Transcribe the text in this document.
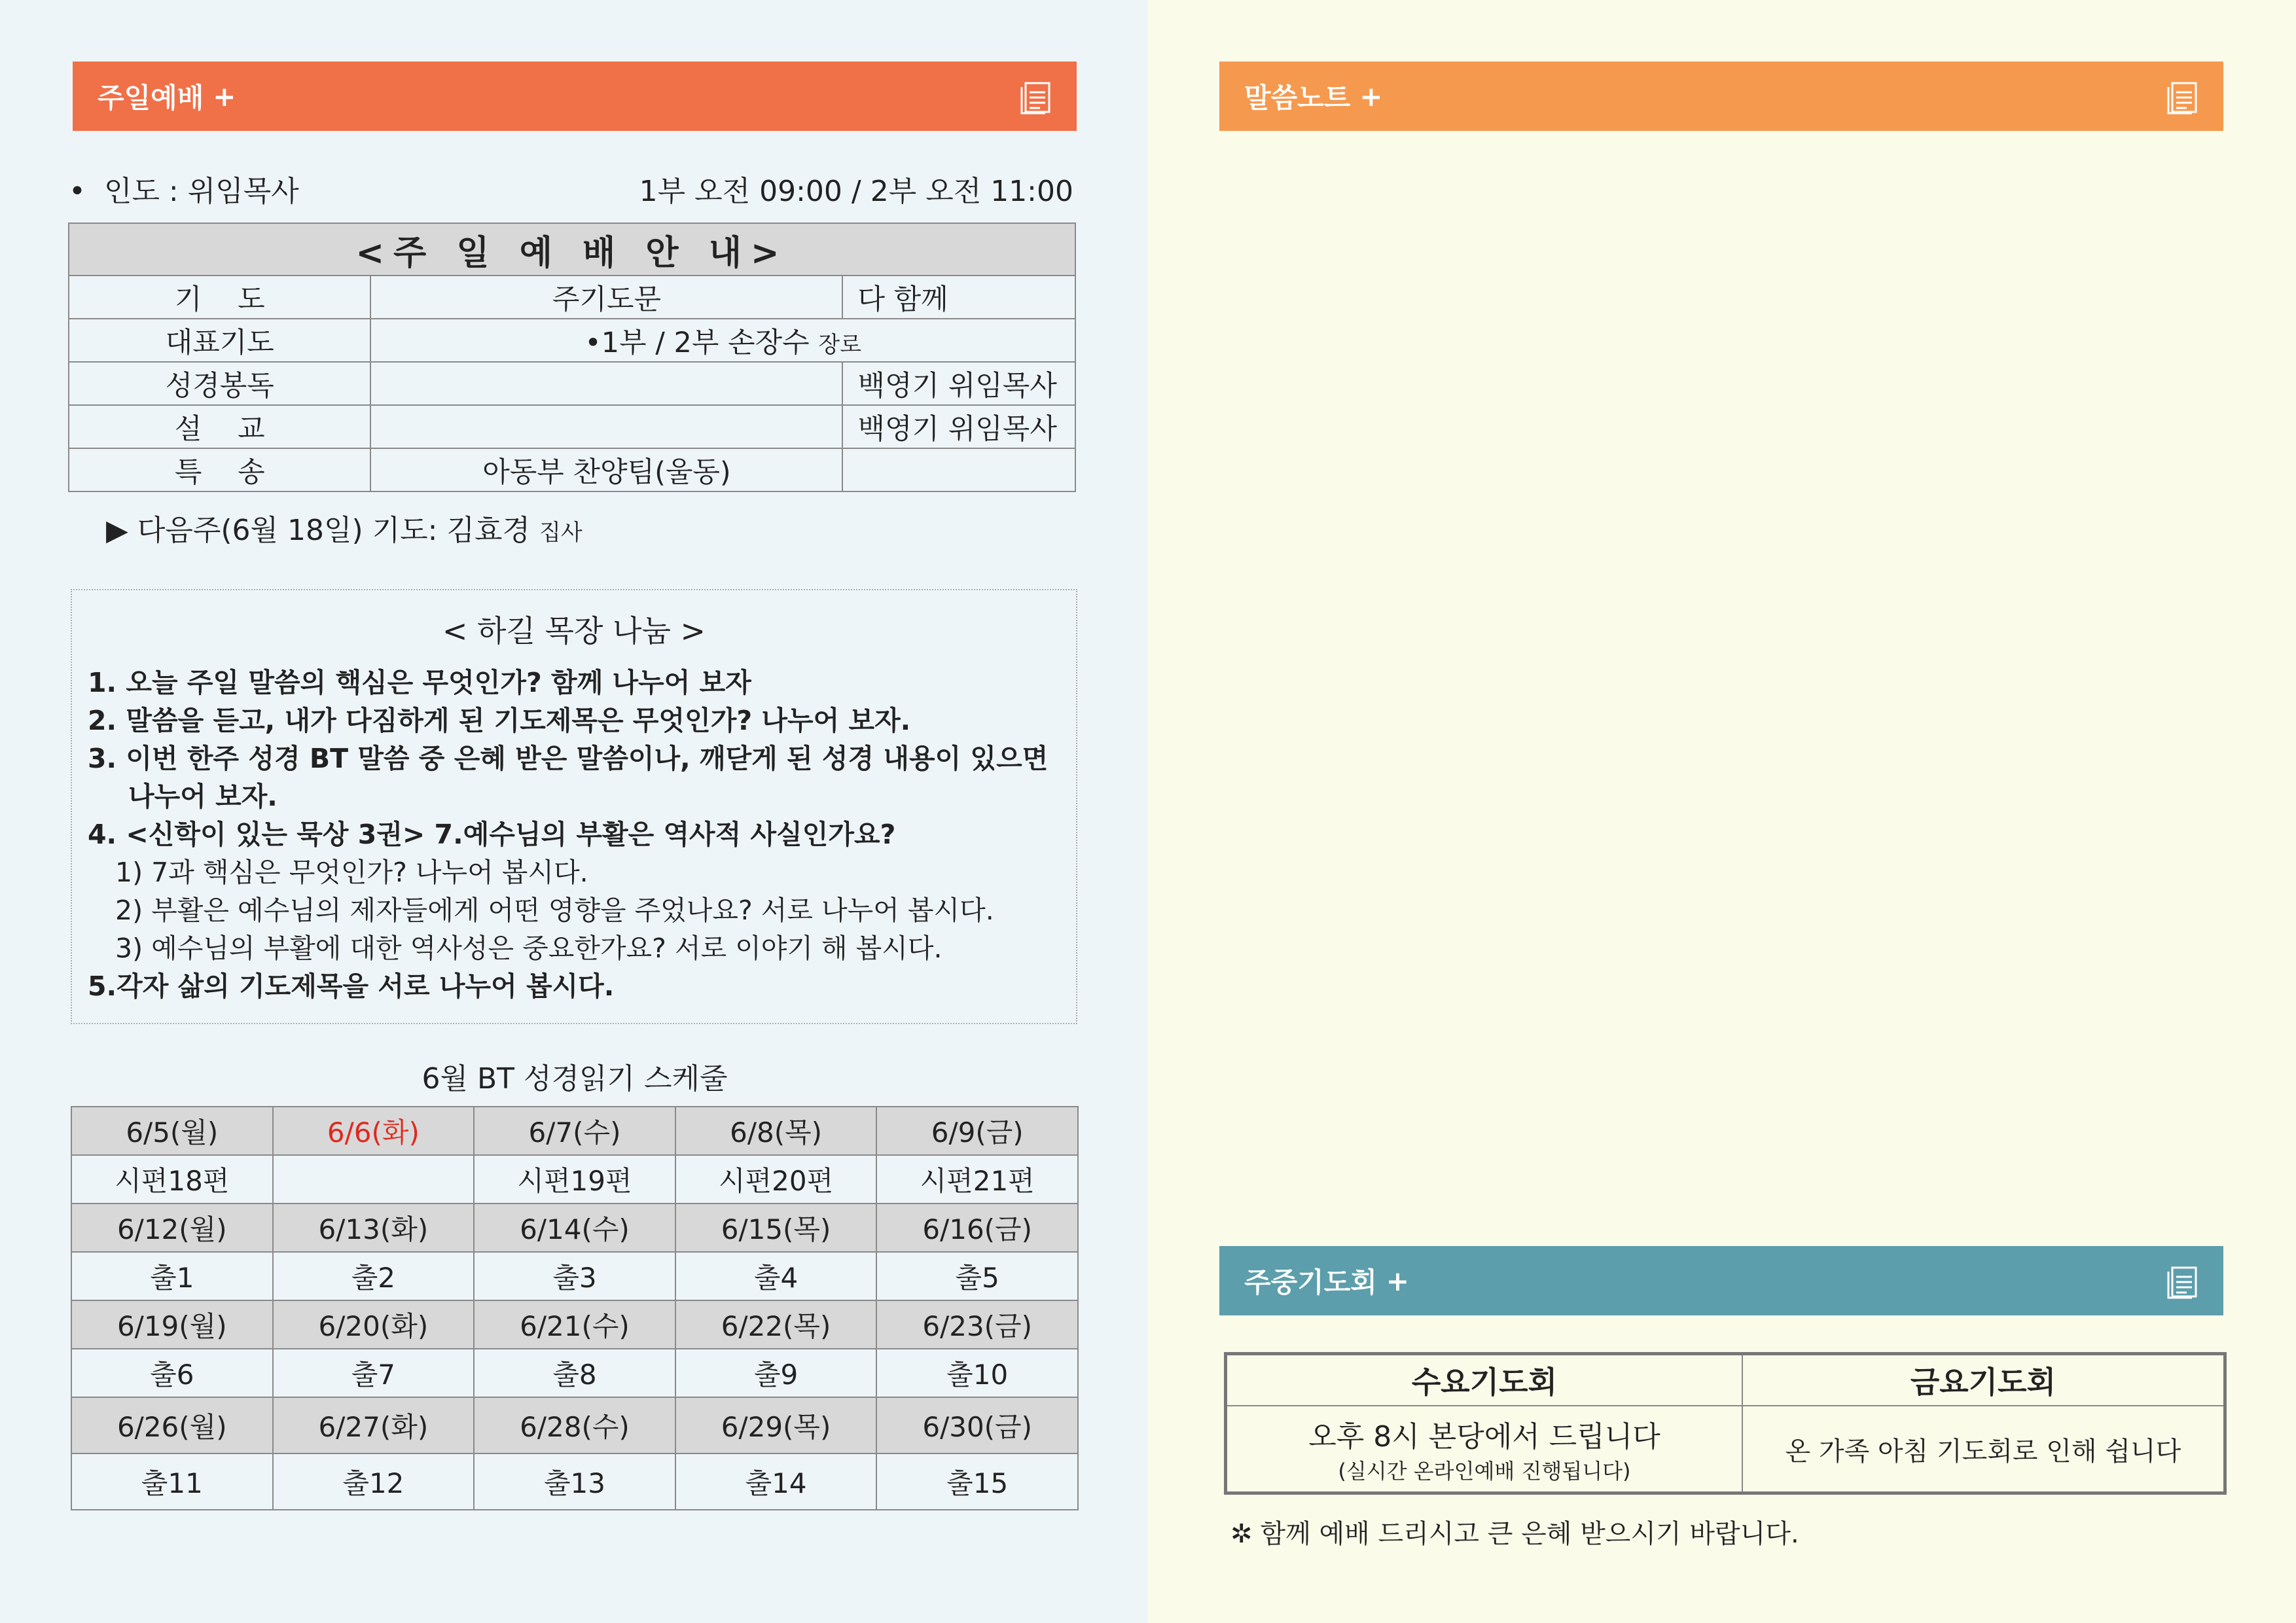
주일예배 +
• 인도 : 위임목사	1부 오전 09:00 / 2부 오전 11:00
<주 일 예 배 안 내>		
기    도	주기도문	다 함께
대표기도	•1부 / 2부 손장수 장로	
성경봉독		백영기 위임목사
설    교		백영기 위임목사
특    송	아동부 찬양팀(울동)	
▶ 다음주(6월 18일) 기도: 김효경 집사
< 하길 목장 나눔 >
1. 오늘 주일 말씀의 핵심은 무엇인가? 함께 나누어 보자
2. 말씀을 듣고, 내가 다짐하게 된 기도제목은 무엇인가? 나누어 보자.
3. 이번 한주 성경 BT 말씀 중 은혜 받은 말씀이나, 깨닫게 된 성경 내용이 있으면
나누어 보자.
4. <신학이 있는 묵상 3권> 7.예수님의 부활은 역사적 사실인가요?
1) 7과 핵심은 무엇인가? 나누어 봅시다.
2) 부활은 예수님의 제자들에게 어떤 영향을 주었나요? 서로 나누어 봅시다.
3) 예수님의 부활에 대한 역사성은 중요한가요? 서로 이야기 해 봅시다.
5.각자 삶의 기도제목을 서로 나누어 봅시다.
6월 BT 성경읽기 스케줄
6/5(월)	6/6(화)	6/7(수)	6/8(목)	6/9(금)
시편18편		시편19편	시편20편	시편21편
6/12(월)	6/13(화)	6/14(수)	6/15(목)	6/16(금)
출1	출2	출3	출4	출5
6/19(월)	6/20(화)	6/21(수)	6/22(목)	6/23(금)
출6	출7	출8	출9	출10
6/26(월)	6/27(화)	6/28(수)	6/29(목)	6/30(금)
출11	출12	출13	출14	출15
말씀노트 +
주중기도회 +
수요기도회	금요기도회
오후 8시 본당에서 드립니다
(실시간 온라인예배 진행됩니다)	온 가족 아침 기도회로 인해 쉽니다
✲ 함께 예배 드리시고 큰 은혜 받으시기 바랍니다.
